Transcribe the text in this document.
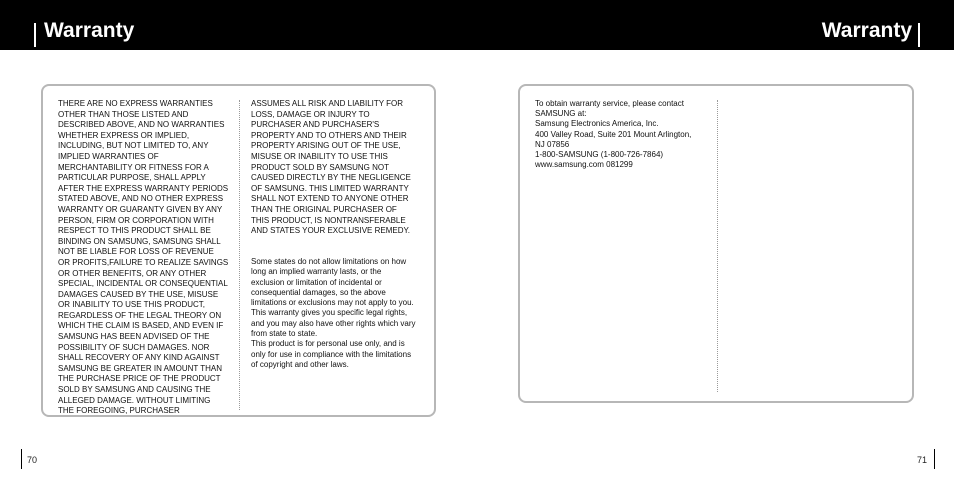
Warranty	Warranty
THERE ARE NO EXPRESS WARRANTIES
OTHER THAN THOSE LISTED AND
DESCRIBED ABOVE, AND NO WARRANTIES
WHETHER EXPRESS OR IMPLIED,
INCLUDING, BUT NOT LIMITED TO, ANY
IMPLIED WARRANTIES OF
MERCHANTABILITY OR FITNESS FOR A
PARTICULAR PURPOSE, SHALL APPLY
AFTER THE EXPRESS WARRANTY PERIODS
STATED ABOVE, AND NO OTHER EXPRESS
WARRANTY OR GUARANTY GIVEN BY ANY
PERSON, FIRM OR CORPORATION WITH
RESPECT TO THIS PRODUCT SHALL BE
BINDING ON SAMSUNG, SAMSUNG SHALL
NOT BE LIABLE FOR LOSS OF REVENUE
OR PROFITS,FAILURE TO REALIZE SAVINGS
OR OTHER BENEFITS, OR ANY OTHER
SPECIAL, INCIDENTAL OR CONSEQUENTIAL
DAMAGES CAUSED BY THE USE, MISUSE
OR INABILITY TO USE THIS PRODUCT,
REGARDLESS OF THE LEGAL THEORY ON
WHICH THE CLAIM IS BASED, AND EVEN IF
SAMSUNG HAS BEEN ADVISED OF THE
POSSIBILITY OF SUCH DAMAGES. NOR
SHALL RECOVERY OF ANY KIND AGAINST
SAMSUNG BE GREATER IN AMOUNT THAN
THE PURCHASE PRICE OF THE PRODUCT
SOLD BY SAMSUNG AND CAUSING THE
ALLEGED DAMAGE. WITHOUT LIMITING
THE FOREGOING, PURCHASER
ASSUMES ALL RISK AND LIABILITY FOR
LOSS, DAMAGE OR INJURY TO
PURCHASER AND PURCHASER'S
PROPERTY AND TO OTHERS AND THEIR
PROPERTY ARISING OUT OF THE USE,
MISUSE OR INABILITY TO USE THIS
PRODUCT SOLD BY SAMSUNG NOT
CAUSED DIRECTLY BY THE NEGLIGENCE
OF SAMSUNG. THIS LIMITED WARRANTY
SHALL NOT EXTEND TO ANYONE OTHER
THAN THE ORIGINAL PURCHASER OF
THIS PRODUCT, IS NONTRANSFERABLE
AND STATES YOUR EXCLUSIVE REMEDY.
Some states do not allow limitations on how
long an implied warranty lasts, or the
exclusion or limitation of incidental or
consequential damages, so the above
limitations or exclusions may not apply to you.
This warranty gives you specific legal rights,
and you may also have other rights which vary
from state to state.
This product is for personal use only, and is
only for use in compliance with the limitations
of copyright and other laws.
To obtain warranty service, please contact
SAMSUNG at:
Samsung Electronics America, Inc.
400 Valley Road, Suite 201 Mount Arlington,
NJ 07856
1-800-SAMSUNG (1-800-726-7864)
www.samsung.com 081299
70	71
